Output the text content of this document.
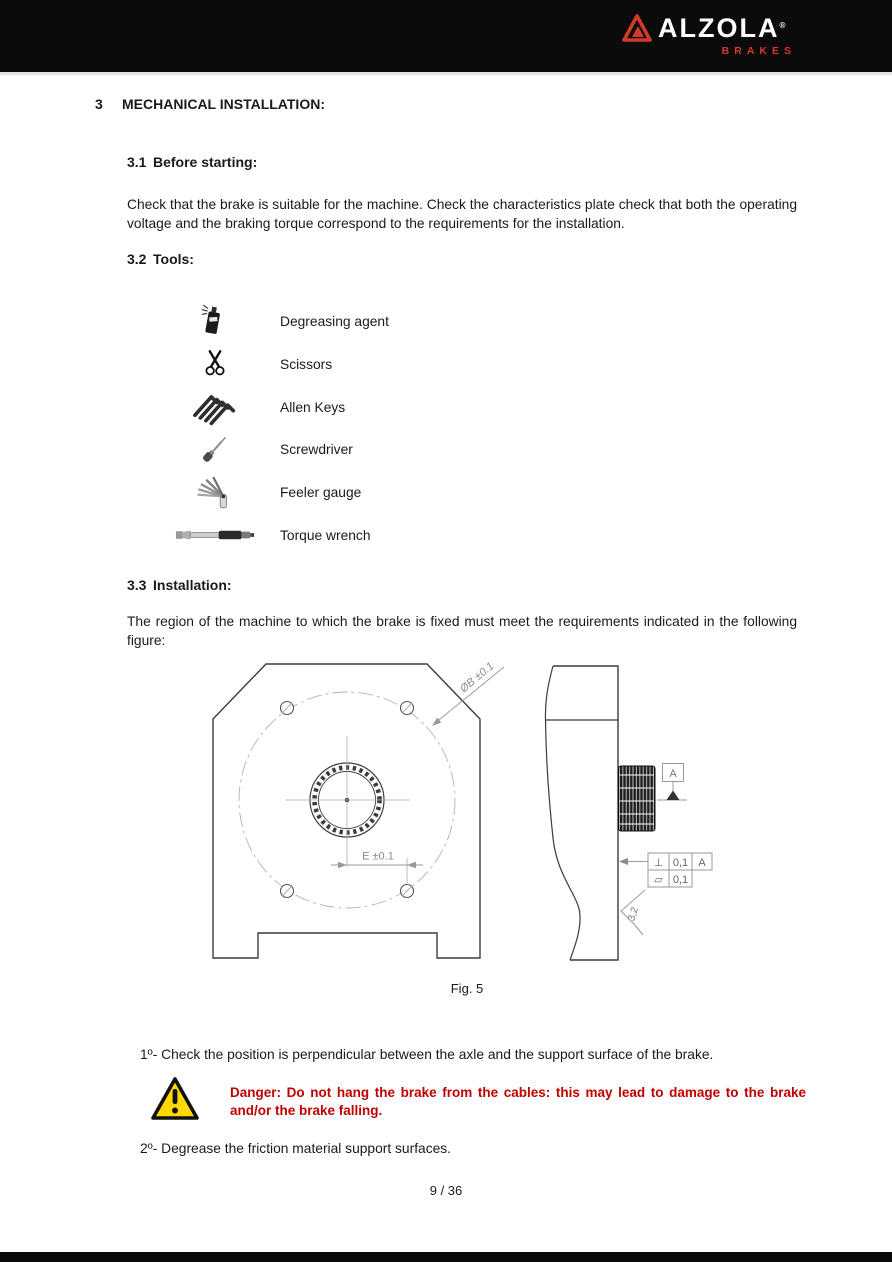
ALZOLA®
BRAKES
3	MECHANICAL INSTALLATION:
3.1 Before starting:
Check that the brake is suitable for the machine. Check the characteristics plate check that both the operating voltage and the braking torque correspond to the requirements for the installation.
3.2 Tools:
Degreasing agent
Scissors
Allen Keys
Screwdriver
Feeler gauge
Torque wrench
3.3 Installation:
The region of the machine to which the brake is fixed must meet the requirements indicated in the following figure:
E ±0.1
ØB ±0.1
A
⊥ 0,1 A
▱ 0,1
3,2
Fig. 5
1º- Check the position is perpendicular between the axle and the support surface of the brake.
Danger: Do not hang the brake from the cables: this may lead to damage to the brake and/or the brake falling.
2º- Degrease the friction material support surfaces.
9 / 36
